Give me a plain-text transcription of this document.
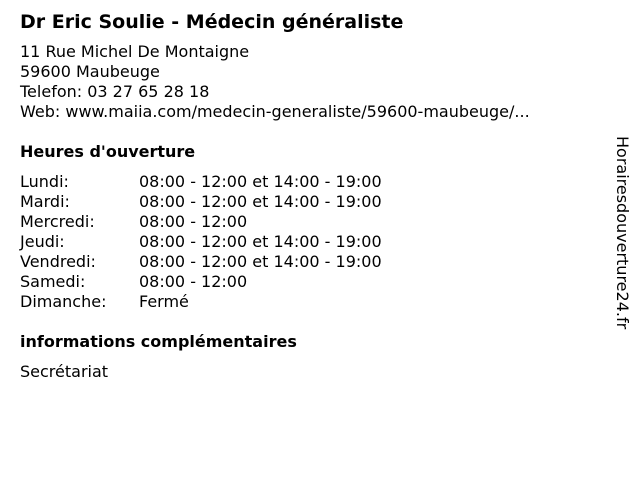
Dr Eric Soulie - Médecin généraliste
11 Rue Michel De Montaigne
59600 Maubeuge
Telefon: 03 27 65 28 18
Web: www.maiia.com/medecin-generaliste/59600-maubeuge/...
Heures d'ouverture
Lundi:	08:00 - 12:00 et 14:00 - 19:00
Mardi:	08:00 - 12:00 et 14:00 - 19:00
Mercredi:	08:00 - 12:00
Jeudi:	08:00 - 12:00 et 14:00 - 19:00
Vendredi:	08:00 - 12:00 et 14:00 - 19:00
Samedi:	08:00 - 12:00
Dimanche:	Fermé
informations complémentaires
Secrétariat
Horairesdouverture24.fr
